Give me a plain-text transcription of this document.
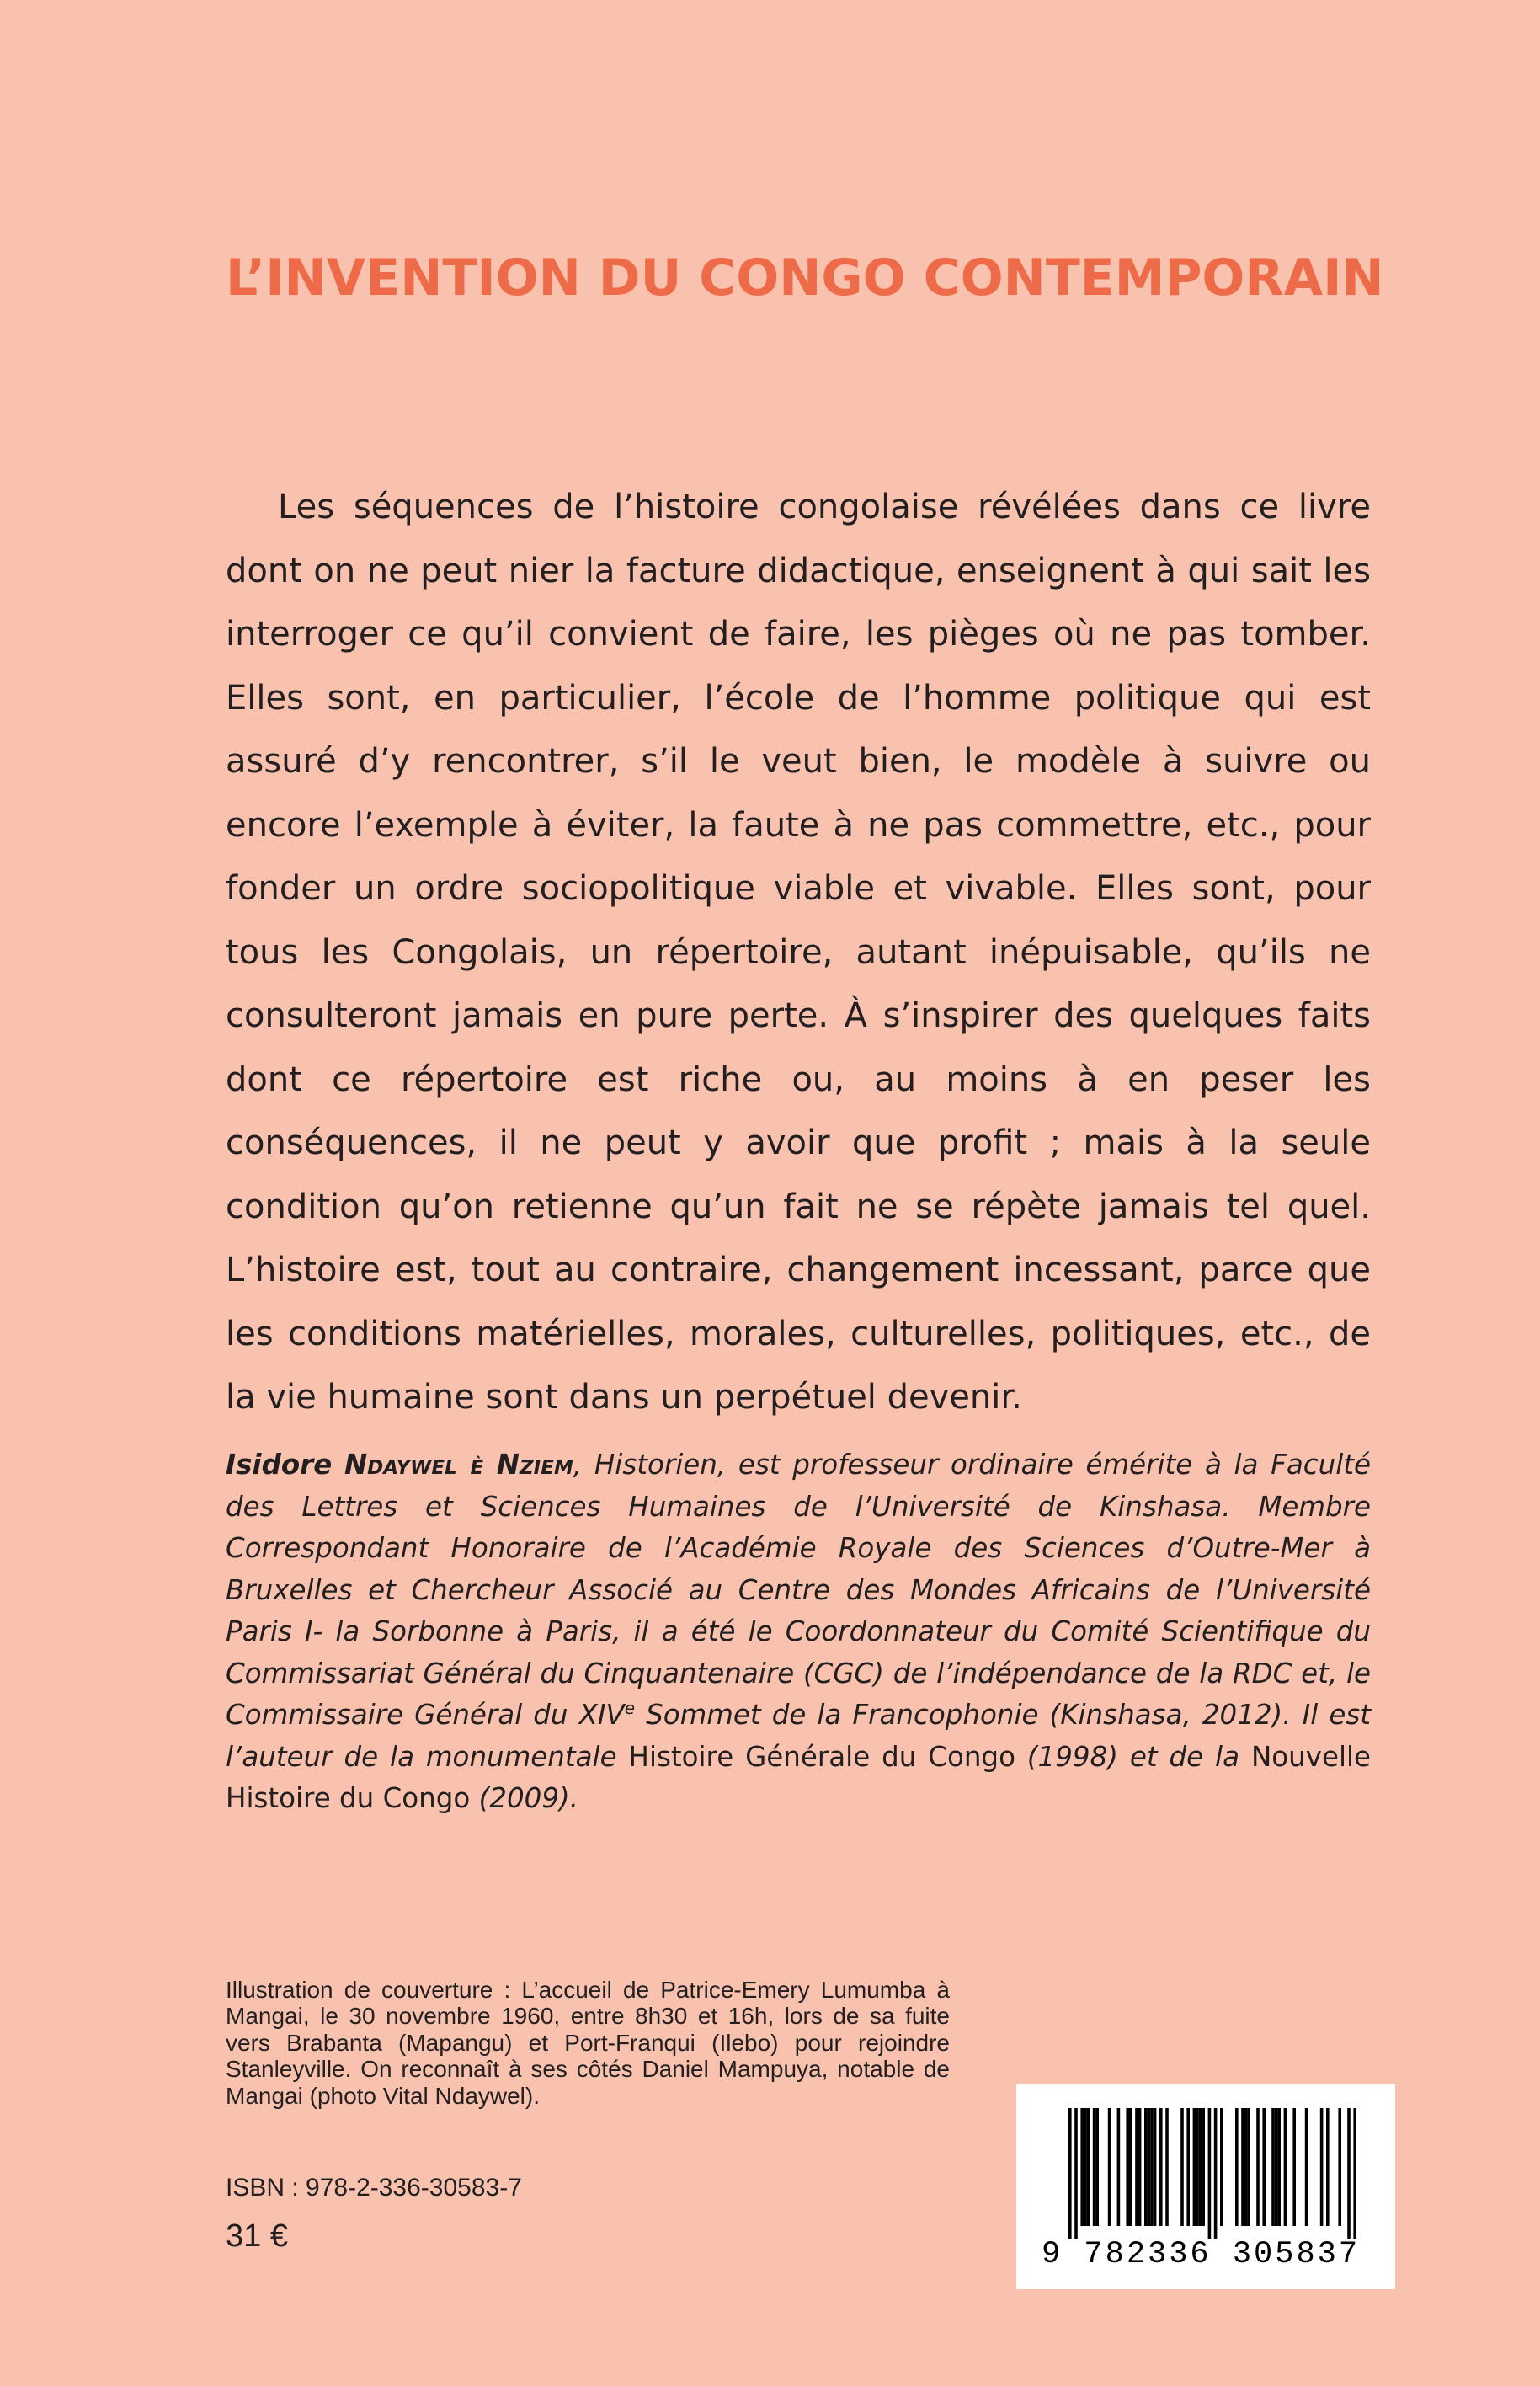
L’INVENTION DU CONGO CONTEMPORAIN

Les séquences de l’histoire congolaise révélées dans ce livre dont on ne peut nier la facture didactique, enseignent à qui sait les interroger ce qu’il convient de faire, les pièges où ne pas tomber. Elles sont, en particulier, l’école de l’homme politique qui est assuré d’y rencontrer, s’il le veut bien, le modèle à suivre ou encore l’exemple à éviter, la faute à ne pas commettre, etc., pour fonder un ordre sociopolitique viable et vivable. Elles sont, pour tous les Congolais, un répertoire, autant inépuisable, qu’ils ne consulteront jamais en pure perte. À s’inspirer des quelques faits dont ce répertoire est riche ou, au moins à en peser les conséquences, il ne peut y avoir que profit ; mais à la seule condition qu’on retienne qu’un fait ne se répète jamais tel quel. L’histoire est, tout au contraire, changement incessant, parce que les conditions matérielles, morales, culturelles, politiques, etc., de la vie humaine sont dans un perpétuel devenir.

Isidore Ndaywel è Nziem, Historien, est professeur ordinaire émérite à la Faculté des Lettres et Sciences Humaines de l’Université de Kinshasa. Membre Correspondant Honoraire de l’Académie Royale des Sciences d’Outre-Mer à Bruxelles et Chercheur Associé au Centre des Mondes Africains de l’Université Paris I- la Sorbonne à Paris, il a été le Coordonnateur du Comité Scientifique du Commissariat Général du Cinquantenaire (CGC) de l’indépendance de la RDC et, le Commissaire Général du XIVe Sommet de la Francophonie (Kinshasa, 2012). Il est l’auteur de la monumentale Histoire Générale du Congo (1998) et de la Nouvelle Histoire du Congo (2009).

Illustration de couverture : L’accueil de Patrice-Emery Lumumba à Mangai, le 30 novembre 1960, entre 8h30 et 16h, lors de sa fuite vers Brabanta (Mapangu) et Port-Franqui (Ilebo) pour rejoindre Stanleyville. On reconnaît à ses côtés Daniel Mampuya, notable de Mangai (photo Vital Ndaywel).

ISBN : 978-2-336-30583-7

31 €

9 782336 305837
